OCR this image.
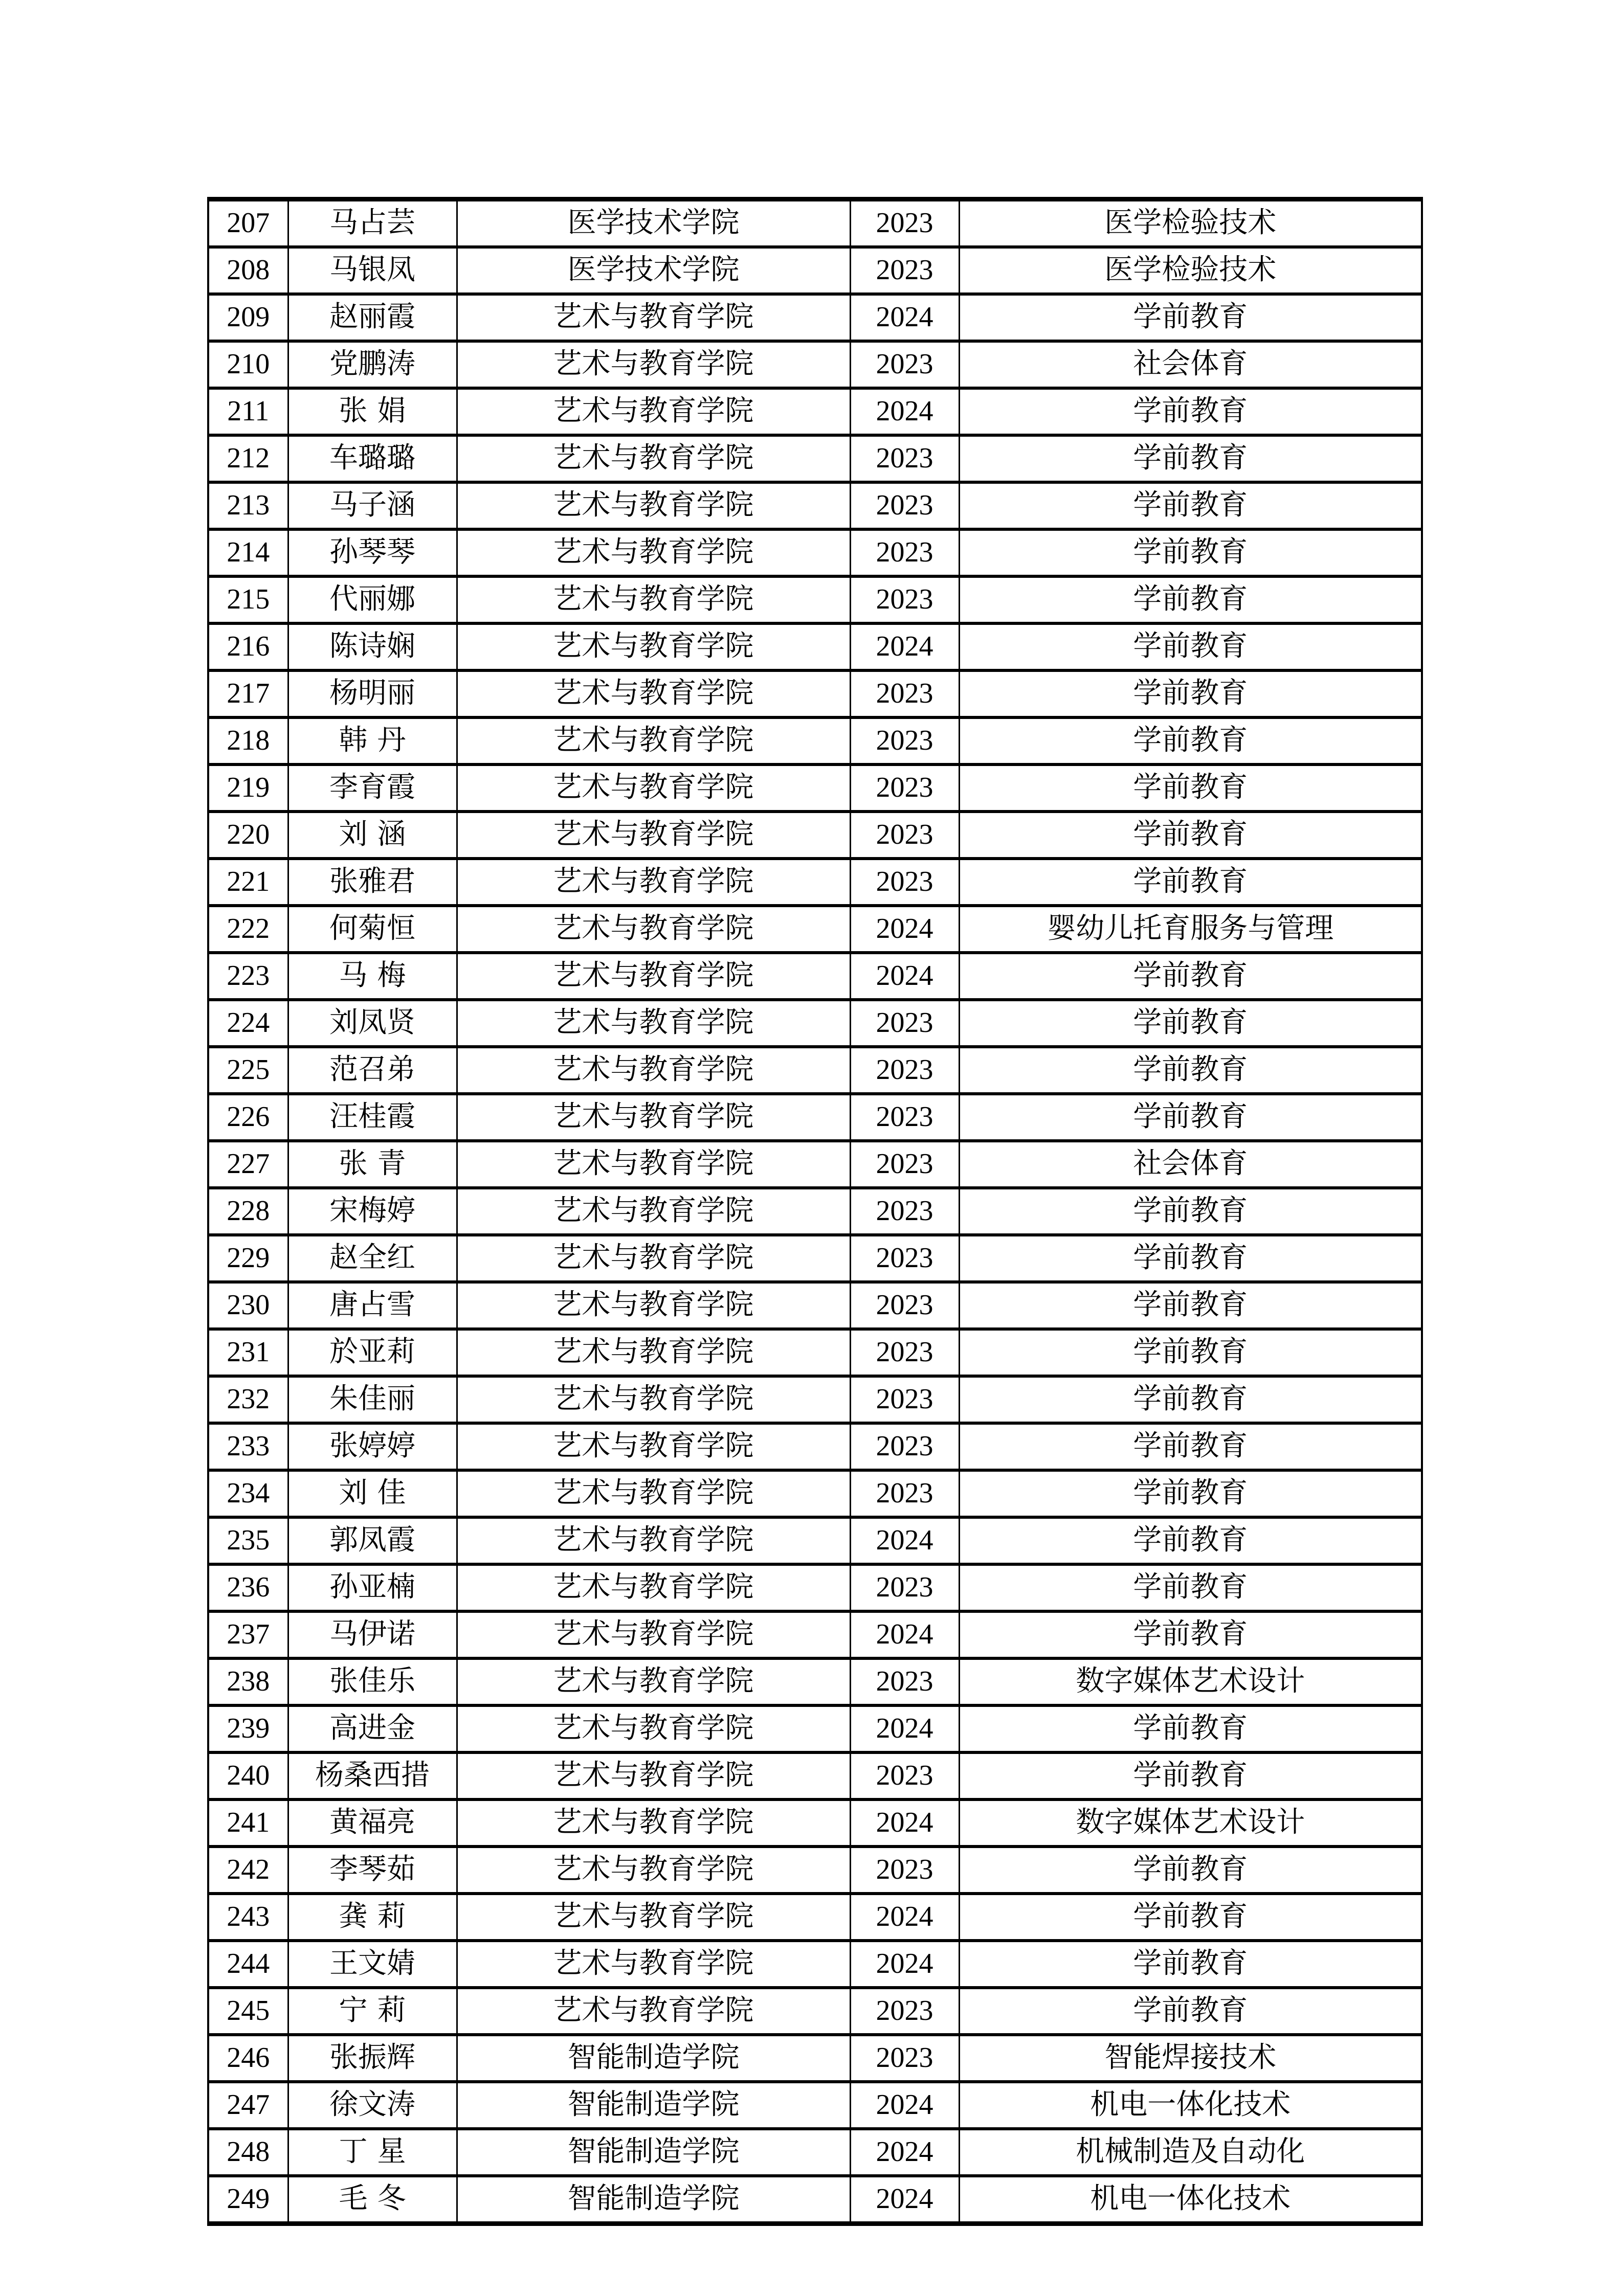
207	马占芸	医学技术学院	2023	医学检验技术
208	马银凤	医学技术学院	2023	医学检验技术
209	赵丽霞	艺术与教育学院	2024	学前教育
210	党鹏涛	艺术与教育学院	2023	社会体育
211	张 娟	艺术与教育学院	2024	学前教育
212	车璐璐	艺术与教育学院	2023	学前教育
213	马子涵	艺术与教育学院	2023	学前教育
214	孙琴琴	艺术与教育学院	2023	学前教育
215	代丽娜	艺术与教育学院	2023	学前教育
216	陈诗娴	艺术与教育学院	2024	学前教育
217	杨明丽	艺术与教育学院	2023	学前教育
218	韩 丹	艺术与教育学院	2023	学前教育
219	李育霞	艺术与教育学院	2023	学前教育
220	刘 涵	艺术与教育学院	2023	学前教育
221	张雅君	艺术与教育学院	2023	学前教育
222	何菊恒	艺术与教育学院	2024	婴幼儿托育服务与管理
223	马 梅	艺术与教育学院	2024	学前教育
224	刘凤贤	艺术与教育学院	2023	学前教育
225	范召弟	艺术与教育学院	2023	学前教育
226	汪桂霞	艺术与教育学院	2023	学前教育
227	张 青	艺术与教育学院	2023	社会体育
228	宋梅婷	艺术与教育学院	2023	学前教育
229	赵全红	艺术与教育学院	2023	学前教育
230	唐占雪	艺术与教育学院	2023	学前教育
231	於亚莉	艺术与教育学院	2023	学前教育
232	朱佳丽	艺术与教育学院	2023	学前教育
233	张婷婷	艺术与教育学院	2023	学前教育
234	刘 佳	艺术与教育学院	2023	学前教育
235	郭凤霞	艺术与教育学院	2024	学前教育
236	孙亚楠	艺术与教育学院	2023	学前教育
237	马伊诺	艺术与教育学院	2024	学前教育
238	张佳乐	艺术与教育学院	2023	数字媒体艺术设计
239	高进金	艺术与教育学院	2024	学前教育
240	杨桑西措	艺术与教育学院	2023	学前教育
241	黄福亮	艺术与教育学院	2024	数字媒体艺术设计
242	李琴茹	艺术与教育学院	2023	学前教育
243	龚 莉	艺术与教育学院	2024	学前教育
244	王文婧	艺术与教育学院	2024	学前教育
245	宁 莉	艺术与教育学院	2023	学前教育
246	张振辉	智能制造学院	2023	智能焊接技术
247	徐文涛	智能制造学院	2024	机电一体化技术
248	丁 星	智能制造学院	2024	机械制造及自动化
249	毛 冬	智能制造学院	2024	机电一体化技术
